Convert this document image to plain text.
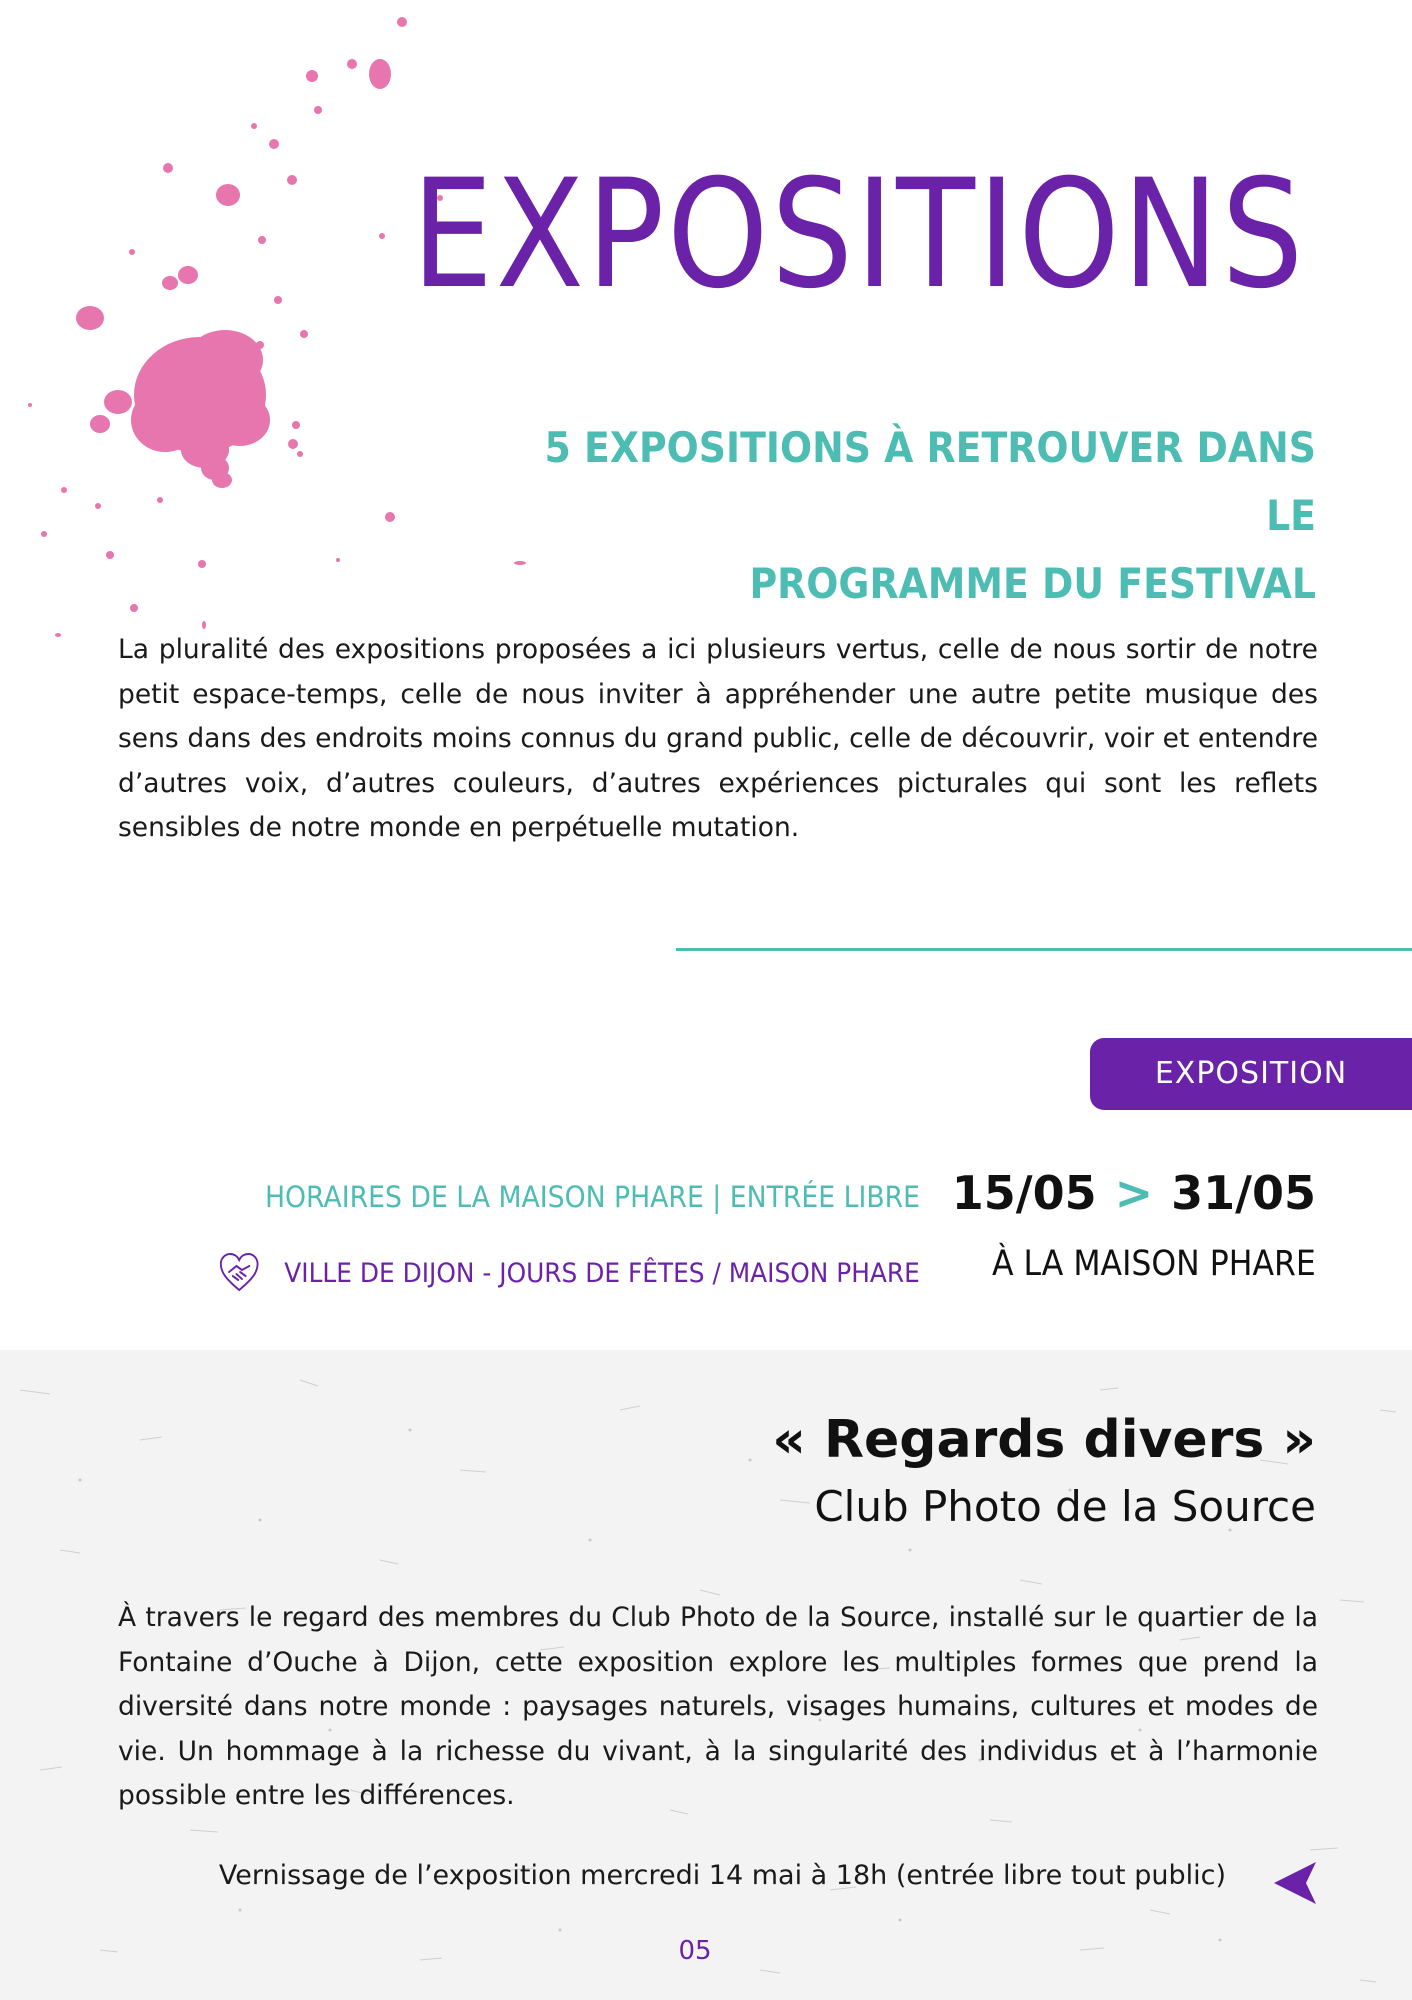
EXPOSITIONS
5 EXPOSITIONS À RETROUVER DANS LE
PROGRAMME DU FESTIVAL

La pluralité des expositions proposées a ici plusieurs vertus, celle de nous sortir de notre petit espace-temps, celle de nous inviter à appréhender une autre petite musique des sens dans des endroits moins connus du grand public, celle de découvrir, voir et entendre d’autres voix, d’autres couleurs, d’autres expériences picturales qui sont les reflets sensibles de notre monde en perpétuelle mutation.

EXPOSITION
HORAIRES DE LA MAISON PHARE | ENTRÉE LIBRE
VILLE DE DIJON - JOURS DE FÊTES / MAISON PHARE
15/05 > 31/05
À LA MAISON PHARE
« Regards divers »
Club Photo de la Source

À travers le regard des membres du Club Photo de la Source, installé sur le quartier de la Fontaine d’Ouche à Dijon, cette exposition explore les multiples formes que prend la diversité dans notre monde : paysages naturels, visages humains, cultures et modes de vie. Un hommage à la richesse du vivant, à la singularité des individus et à l’harmonie possible entre les différences.

Vernissage de l’exposition mercredi 14 mai à 18h (entrée libre tout public)
05
